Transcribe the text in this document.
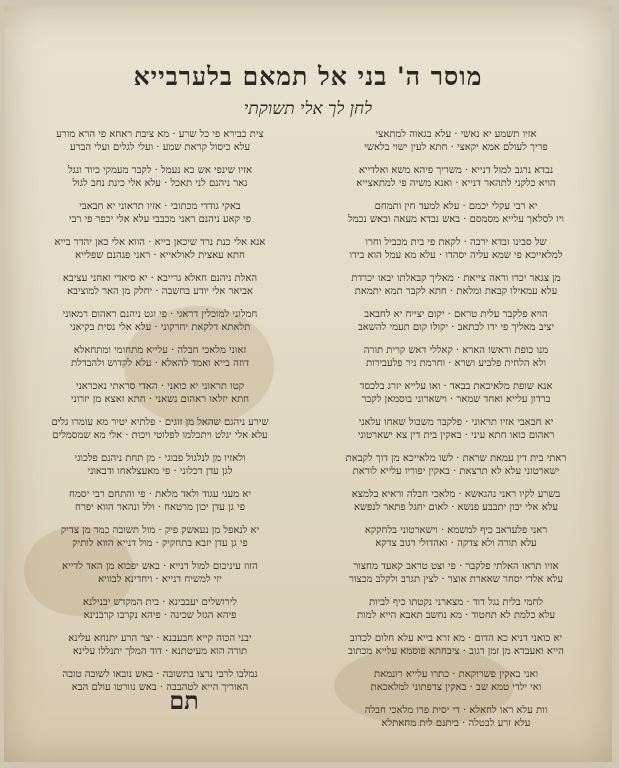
מוסר ה' בני אל תמאם בלערבייא
לחן לך אלי תשוקתי
אזיו תשמע יא נאשי · עלא בגאוה למתאצי
פריך לעולם אמא יקאצי · חתא לעין ישוי בלאשי
נבדא נרגב למול דנייא · משריך פיהא משא ואלדייא
הויא כלקני לתהאר דנייא · ואנא משיה פי למתאצייא
יא רבי עקלי יכמם · עלא למעד חין ותמחם
ויו לסלאך עלייא מסמסם · באש נבדא מעאה ובאש נכמל
של סבינו ובדא ירבה · לקאת פי בית מכביל וחרו
למלאייכא פי שמא עליה יסהדו · עלא מא עמל הוא בידו
מן צגאר יכרו וראה צייאת · מאליך קבאלתו יבאו יכרדת
עלא עמאילו קבאת ומלאת · חתא לקבר תמא יתמאת
הויא פלקבר עלית טראם · יקום יצייח יא לחבאב
יציב מאליך פי ידו לכתאב · יקולו קום תעמי להשאב
מנו כופת וראשו הארא · קאללי דאש קרית תורה
ולא הלחית פלביע ושרא · וחרמת ניר פלעבירות
אנא שופת מלאיכאת בבאד · ואו עלייא יזרג בלכסד
ברדון עלייא ואחד שמאר · וישארוני בוסמאן לקבר
יא חבאבי אזיו תראוני · פלקבר משבול שאחו עלאני
ראהום כואו חתא עיני · באקין בית דין צא ישארטוני
ראתי בית דין עמאת שראת · לשו מלאייכא מן דוך לקבאת
ישארטוני עלא לא תרצאת · באקין יפוריו עלייא לוראת
בשרע לקיו ראני נהגאשא · מלאכי חבלה וראיא בלמצא
עלא אלי יבון יתבבע פנשא · לאום יחגל פתאר לנפשא
ראני פלעדאב כיף למשמא · וישארטוני בלחקקא
עלא תורה ולא צדקה · ואהדולי דגוב צדקא
אזיו תראו האלתי פלקבר · פי וצט טראב קאעד מחצור
עלא אלדי יסחר שאארת אוצר · לצין תגרב ולקלב מכצור
לחמי בלית נגל דוד · מצארני נקטתו כיף לביות
עלא כלמת לא תחטוד · מא נחשב תאבא הייא למות
יא כואני דניא כא הדום · מא זרא בייא עלא חלום לכדוב
הייא ואעבדא מן זמן דגוב · ציבחתא פוסמא עלייא מכתוב
ואני באקין פשרוקאת · כתרו עלייא רונמאת
ואי ילדי טמא שב · באקין צדפתוני למלאכאת
וות עלא ראו לחאלא · די יסית פרו מלאכי חבלה
עלא זרע לבטלה · ביתנם לית מחאתלא
צית כבירא פי כל שרע · מא ציבת ראחא פי הרא מורע
עלא כיסול קראת שמע · ועלי לגלים ועלי הברע
אזיו שינפי אש כא נעמל · לקבר מעמקי כיוד ונגל
נאר ניהנם לני תאכל · עלא אלי כינת נחב לגול
באקי גודדי מכתובי · אזיו תראוני יא חבאבי
פי קאע ניהנם ראני מכבבי עלא אלי יכפר פי רבי
אנא אלי כנת נרד שיכאן בייא · הווא אלי כאן יהדר בייא
חתא עאצית לאולאייא · ראני פגהנם שפלייא
האלת ניהנם חאלא גרייבא · יא סיאדי ואחני עציבא
אביאר אלי יודע בחשבה · יחלק מן האר למוציבא
חמלוני למוכלין דראגי · פי וגט ניהנם ראהום רמאוני
תלאתא דלקאת יחרקוני · עלא אלי נסית בקיאני
זאוני מלאכי חבלה · עלייא מתחומי ומתחאלא
דוזה בייא ואמד להאלא · עלא לקדוש ולהבדלת
קטו תראוני יא כואני · האדי סראתי נאכראני
חתא יזלאו ראהום נשאני · חתא זאצא מן יזרוני
שירע ניהגם שהאל מן זוגים · פלתיא יטיר מא עומרו גלים
עלא אלי יגלט ויתכלמו לפלוטי ויכות · אלי מא שמסמלים
ולאזיו מן לנלגול פבוגי · מן תחת ניהנם פלכוגי
לגן עדן דכלוני · פי מאעצלאחו ודבאוני
יא מעני עגוד ולאד מלאת · פי והתחם רבי יסמח
פי גן עדן יכון מרטאח · ולל ונהאר הווא יפרח
יא לנאפל מן נעאשק פיק · מול תשובה כמר מן צדיק
פי גן עדן יזבא בתחקיק · מול דנייא הווא לותיק
הזוז עיניכום למול דנייא · באש יפכוא מן האד לדייא
יזי למשיח דנייא · ויחדינא לבוויא
לירושלים יעבבינא · בית המקדש יבנילנא
פיהא הגזל שכינה · פיהא נקרבו קרבנינא
יבני הכוה קייא חבעבנא · יצר הרע יתנחא עלינא
תורה הוא מעיטתנא · דוד המלך יתנללו עלינא
נמלבו לרבי נרצו בתשובה · באש נובאו לשובה טובה
האוריך הייא לטהבבה · באש נוורטו עולם הבא
תם
